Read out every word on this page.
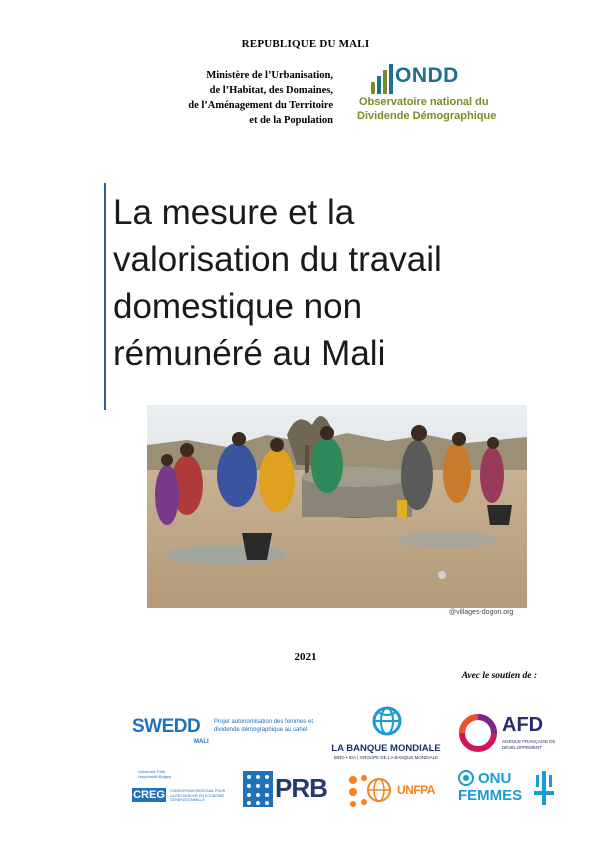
REPUBLIQUE DU MALI
Ministère de l’Urbanisation,
de l’Habitat, des Domaines,
de l’Aménagement du Territoire
et de la Population
ONDD
Observatoire national du
Dividende Démographique
La mesure et la
valorisation du travail
domestique non
rémunéré au Mali
@villages-dogon.org
2021
Avec le soutien de :
SWEDD
MALI
Projet autonomisation des femmes et dividende démographique au sahel
LA BANQUE MONDIALE
BIRD • IDA | GROUPE DE LA BANQUE MONDIALE
AFD
AGENCE FRANÇAISE DE DÉVELOPPEMENT
Université Félix Houphouët-Boigny
CREG	CONSORTIUM REGIONAL POUR LA RECHERCHE EN ECONOMIE GENERATIONNELLE	PRB	UNFPA
ONU
FEMMES
